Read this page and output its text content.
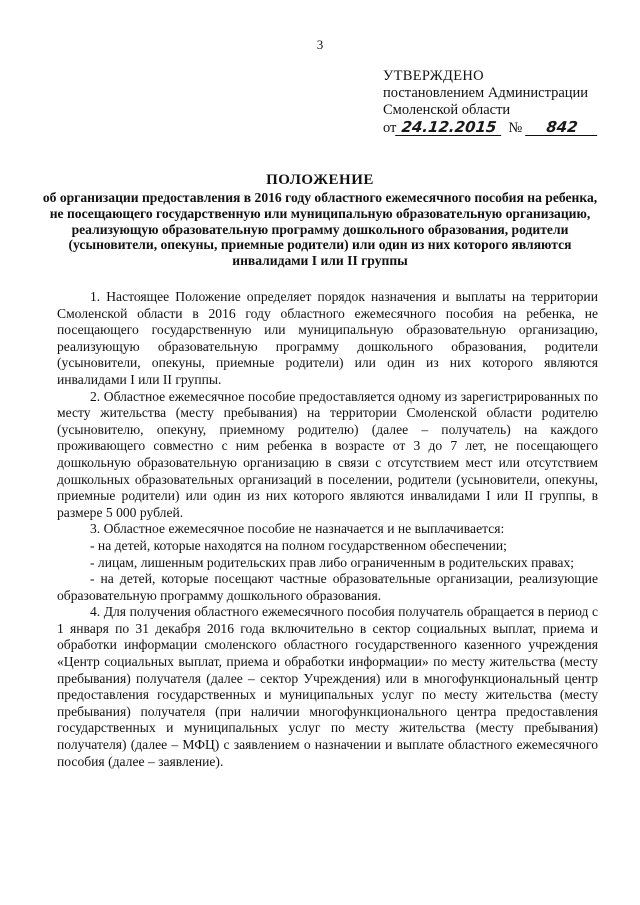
3
УТВЕРЖДЕНО
постановлением Администрации
Смоленской области
от 24.12.2015 № 842
ПОЛОЖЕНИЕ
об организации предоставления в 2016 году областного ежемесячного пособия на ребенка, не посещающего государственную или муниципальную образовательную организацию, реализующую образовательную программу дошкольного образования, родители (усыновители, опекуны, приемные родители) или один из них которого являются инвалидами I или II группы

1. Настоящее Положение определяет порядок назначения и выплаты на территории Смоленской области в 2016 году областного ежемесячного пособия на ребенка, не посещающего государственную или муниципальную образовательную организацию, реализующую образовательную программу дошкольного образования, родители (усыновители, опекуны, приемные родители) или один из них которого являются инвалидами I или II группы.

2. Областное ежемесячное пособие предоставляется одному из зарегистрированных по месту жительства (месту пребывания) на территории Смоленской области родителю (усыновителю, опекуну, приемному родителю) (далее – получатель) на каждого проживающего совместно с ним ребенка в возрасте от 3 до 7 лет, не посещающего дошкольную образовательную организацию в связи с отсутствием мест или отсутствием дошкольных образовательных организаций в поселении, родители (усыновители, опекуны, приемные родители) или один из них которого являются инвалидами I или II группы, в размере 5 000 рублей.

3. Областное ежемесячное пособие не назначается и не выплачивается:

- на детей, которые находятся на полном государственном обеспечении;

- лицам, лишенным родительских прав либо ограниченным в родительских правах;

- на детей, которые посещают частные образовательные организации, реализующие образовательную программу дошкольного образования.

4. Для получения областного ежемесячного пособия получатель обращается в период с 1 января по 31 декабря 2016 года включительно в сектор социальных выплат, приема и обработки информации смоленского областного государственного казенного учреждения «Центр социальных выплат, приема и обработки информации» по месту жительства (месту пребывания) получателя (далее – сектор Учреждения) или в многофункциональный центр предоставления государственных и муниципальных услуг по месту жительства (месту пребывания) получателя (при наличии многофункционального центра предоставления государственных и муниципальных услуг по месту жительства (месту пребывания) получателя) (далее – МФЦ) с заявлением о назначении и выплате областного ежемесячного пособия (далее – заявление).
